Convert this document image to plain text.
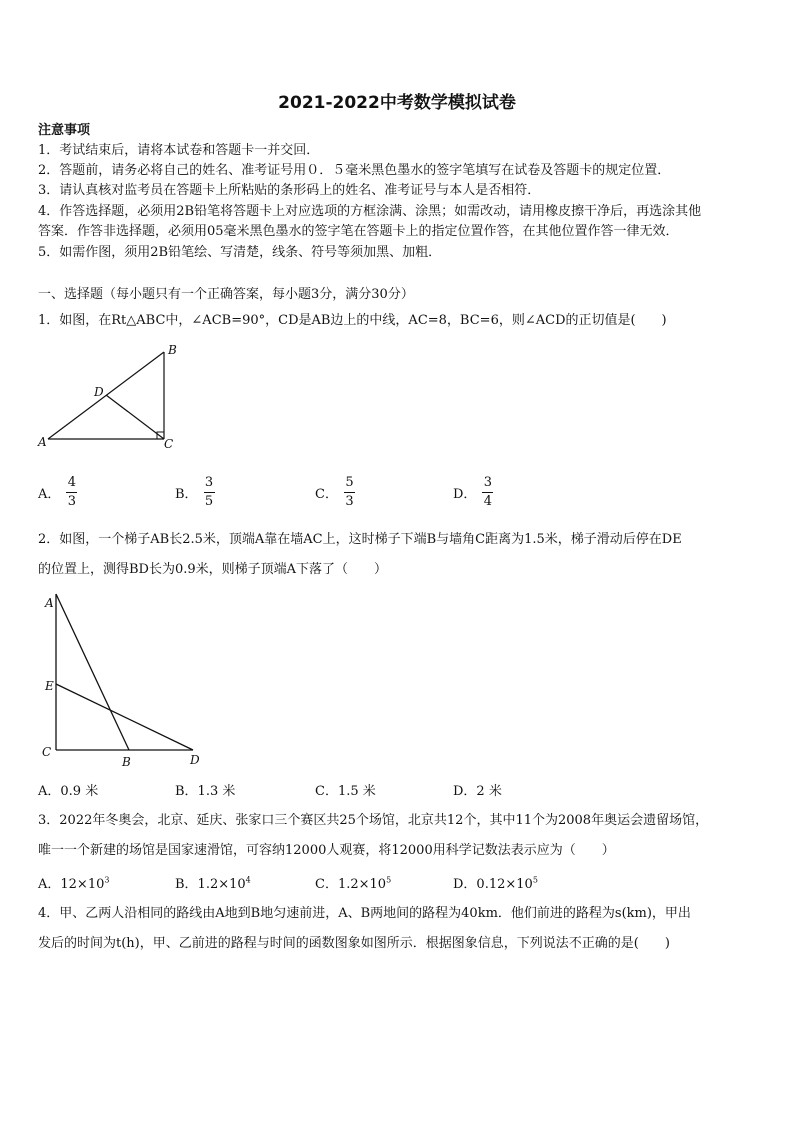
2021-2022中考数学模拟试卷
注意事项
1．考试结束后，请将本试卷和答题卡一并交回．
2．答题前，请务必将自己的姓名、准考证号用０．５毫米黑色墨水的签字笔填写在试卷及答题卡的规定位置．
3．请认真核对监考员在答题卡上所粘贴的条形码上的姓名、准考证号与本人是否相符．
4．作答选择题，必须用2B铅笔将答题卡上对应选项的方框涂满、涂黑；如需改动，请用橡皮擦干净后，再选涂其他
答案．作答非选择题，必须用05毫米黑色墨水的签字笔在答题卡上的指定位置作答，在其他位置作答一律无效．
5．如需作图，须用2B铅笔绘、写清楚，线条、符号等须加黑、加粗．
一、选择题（每小题只有一个正确答案，每小题3分，满分30分）
1．如图，在Rt△ABC中，∠ACB=90°，CD是AB边上的中线，AC=8，BC=6，则∠ACD的正切值是(　　)
A
B
C
D
A． $\frac{4}{3}$	B． $\frac{3}{5}$	C． $\frac{5}{3}$	D． $\frac{3}{4}$
2．如图，一个梯子AB长2.5米，顶端A靠在墙AC上，这时梯子下端B与墙角C距离为1.5米，梯子滑动后停在DE
的位置上，测得BD长为0.9米，则梯子顶端A下落了（　　）
A
E
C
B	D
A．0.9 米	B．1.3 米	C．1.5 米	D．2 米
3．2022年冬奥会，北京、延庆、张家口三个赛区共25个场馆，北京共12个，其中11个为2008年奥运会遗留场馆，
唯一一个新建的场馆是国家速滑馆，可容纳12000人观赛，将12000用科学记数法表示应为（　　）
A．$12\times 10^3$	B．$1.2\times 10^4$	C．$1.2\times 10^5$	D．$0.12\times 10^5$
4．甲、乙两人沿相同的路线由A地到B地匀速前进，A、B两地间的路程为40km．他们前进的路程为s(km)，甲出
发后的时间为t(h)，甲、乙前进的路程与时间的函数图象如图所示．根据图象信息，下列说法不正确的是(　　)
